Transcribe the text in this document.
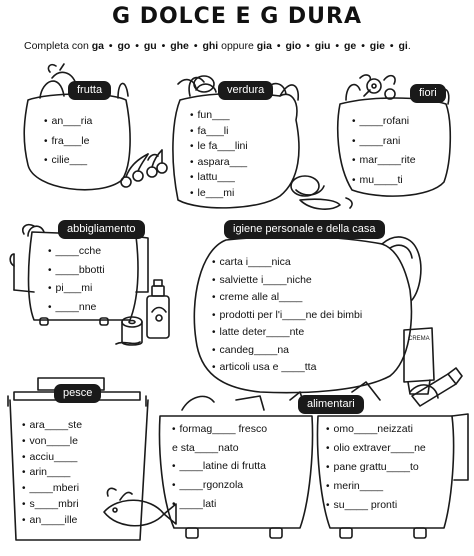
CREMA
G DOLCE E G DURA
Completa con ga • go • gu • ghe • ghi oppure gia • gio • giu • ge • gie • gi.
frutta
• an___ria
• fra___le
• cilie___
verdura
• fun___
• fa___li
• le fa___lini
• aspara___
• lattu___
• le___mi
fiori
• ____rofani
• ____rani
• mar____rite
• mu____ti
abbigliamento
• ____cche
• ____bbotti
• pi___mi
• ____nne
igiene personale e della casa
• carta i____nica
• salviette i____niche
• creme alle al____
• prodotti per l'i____ne dei bimbi
• latte deter____nte
• candeg____na
• articoli usa e ____tta
pesce
• ara____ste
• von____le
• acciu____
• arin____
• ____mberi
• s____mbri
• an____ille
alimentari
• formag____ fresco
e sta____nato
• ____latine di frutta
• ____rgonzola
• ____lati
• omo____neizzati
• olio extraver____ne
• pane grattu____to
• merin____
• su____ pronti
